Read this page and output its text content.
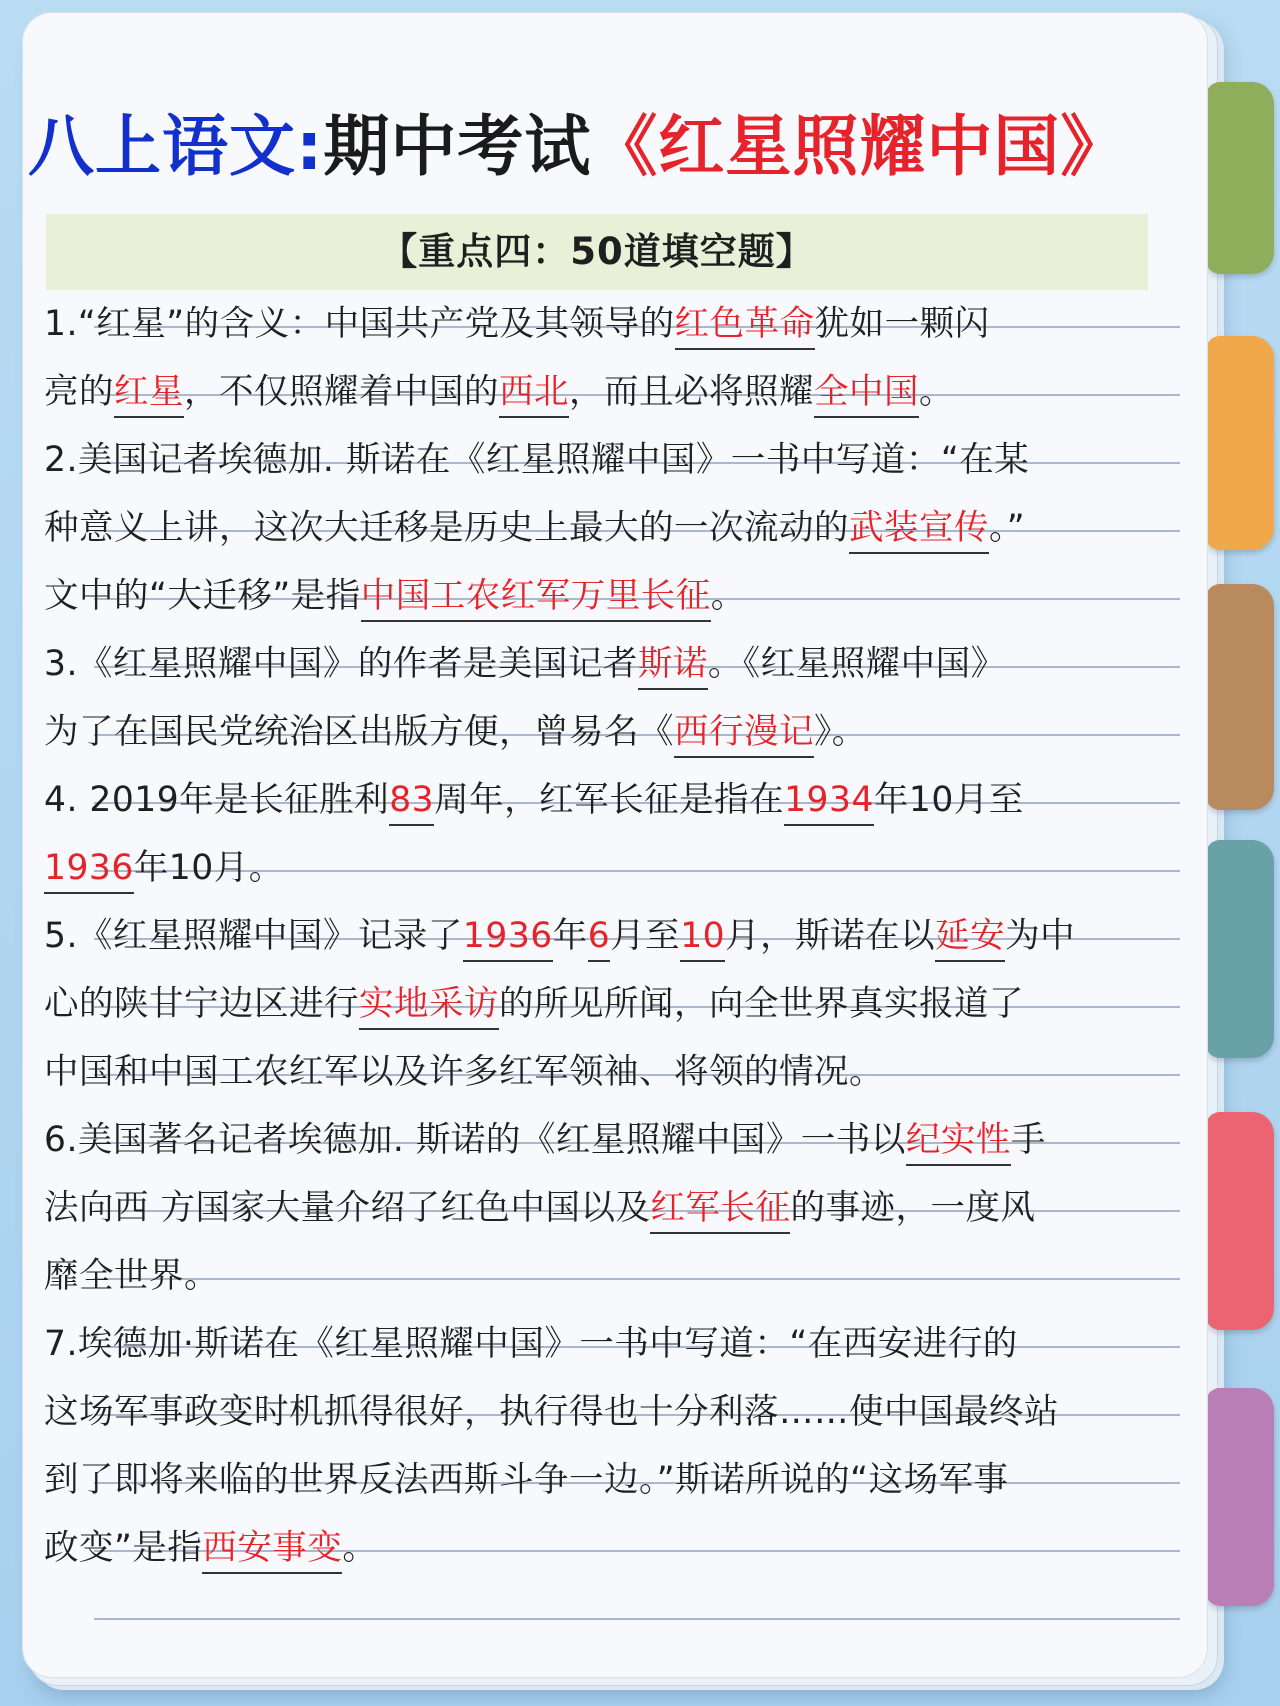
八上语文:期中考试《红星照耀中国》
【重点四：50道填空题】
1.“红星”的含义：中国共产党及其领导的红色革命犹如一颗闪
亮的红星，不仅照耀着中国的西北，而且必将照耀全中国。
2.美国记者埃德加. 斯诺在《红星照耀中国》一书中写道：“在某
种意义上讲，这次大迁移是历史上最大的一次流动的武装宣传。”
文中的“大迁移”是指中国工农红军万里长征。
3.《红星照耀中国》的作者是美国记者斯诺。《红星照耀中国》
为了在国民党统治区出版方便，曾易名《西行漫记》。
4. 2019年是长征胜利83周年，红军长征是指在1934年10月至
1936年10月。
5.《红星照耀中国》记录了1936年6月至10月，斯诺在以延安为中
心的陕甘宁边区进行实地采访的所见所闻，向全世界真实报道了
中国和中国工农红军以及许多红军领袖、将领的情况。
6.美国著名记者埃德加. 斯诺的《红星照耀中国》一书以纪实性手
法向西 方国家大量介绍了红色中国以及红军长征的事迹，一度风
靡全世界。
7.埃德加·斯诺在《红星照耀中国》一书中写道：“在西安进行的
这场军事政变时机抓得很好，执行得也十分利落……使中国最终站
到了即将来临的世界反法西斯斗争一边。”斯诺所说的“这场军事
政变”是指西安事变。
